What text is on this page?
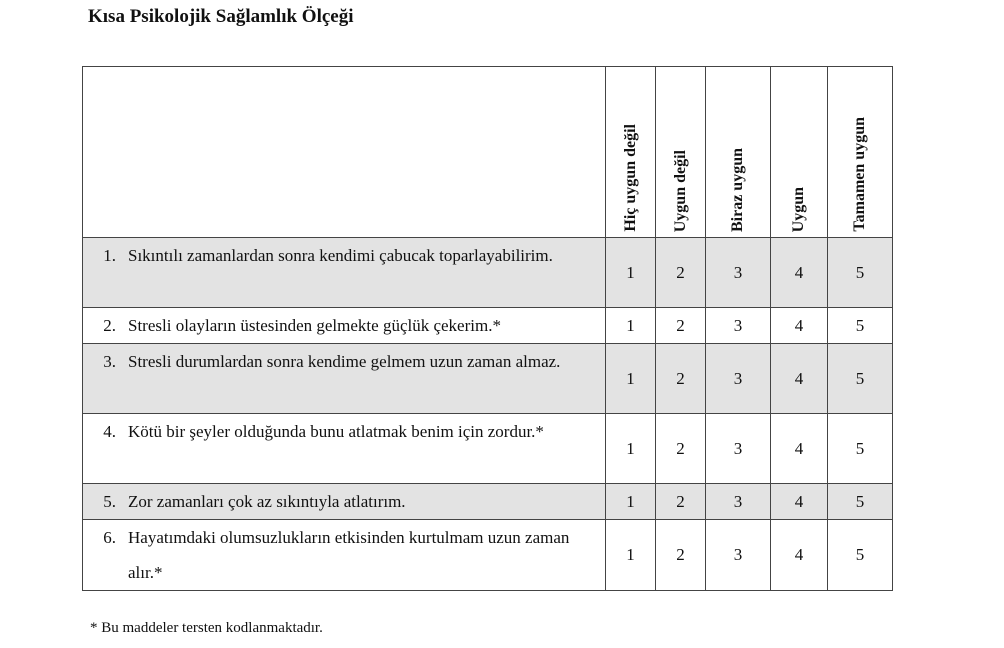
Kısa Psikolojik Sağlamlık Ölçeği
	Hiç uygun değil	Uygun değil	Biraz uygun	Uygun	Tamamen uygun

1. Sıkıntılı zamanlardan sonra kendimi çabucak toparlayabilirim.	1	2	3	4	5

2. Stresli olayların üstesinden gelmekte güçlük çekerim.*	1	2	3	4	5

3. Stresli durumlardan sonra kendime gelmem uzun zaman almaz.	1	2	3	4	5

4. Kötü bir şeyler olduğunda bunu atlatmak benim için zordur.*	1	2	3	4	5

5. Zor zamanları çok az sıkıntıyla atlatırım.	1	2	3	4	5

6. Hayatımdaki olumsuzlukların etkisinden kurtulmam uzun zaman alır.*	1	2	3	4	5
* Bu maddeler tersten kodlanmaktadır.
